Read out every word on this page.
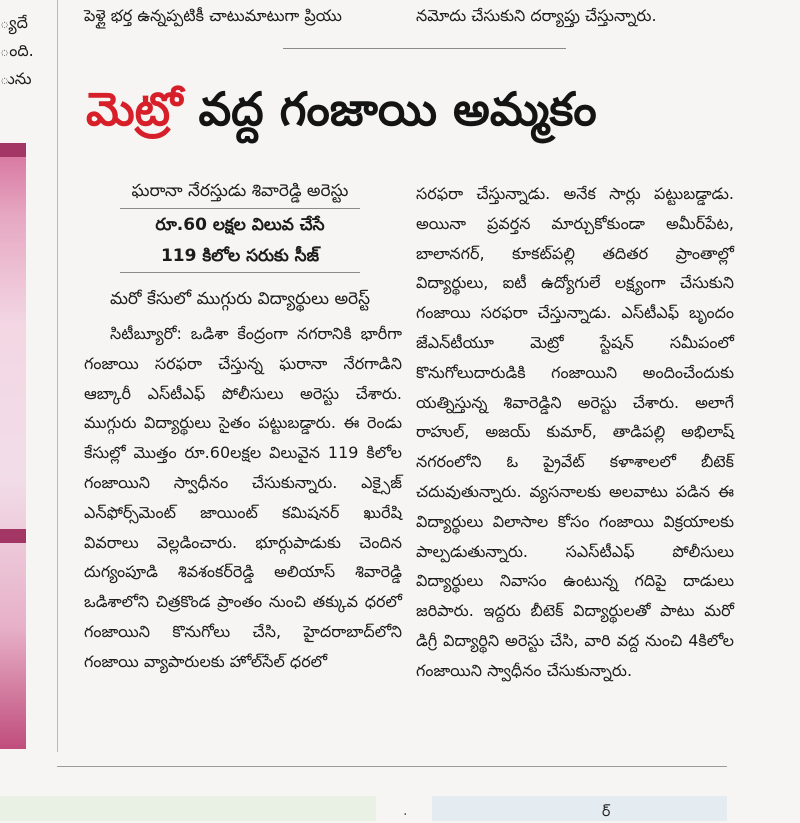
పెళ్లై భర్త ఉన్నప్పటికీ చాటుమాటుగా ప్రియు	నమోదు చేసుకుని దర్యాప్తు చేస్తున్నారు.
్యదే
ంది.
ును
మెట్రో వద్ద గంజాయి అమ్మకం
ఘరానా నేరస్తుడు శివారెడ్డి అరెస్టు
రూ.60 లక్షల విలువ చేసే
119 కిలోల సరుకు సీజ్
మరో కేసులో ముగ్గురు విద్యార్థులు అరెస్ట్

సిటీబ్యూరో: ఒడిశా కేంద్రంగా నగరానికి భారీగా గంజాయి సరఫరా చేస్తున్న ఘరానా నేరగాడిని ఆబ్కారీ ఎస్‌టీఎఫ్‌ పోలీసులు అరెస్టు చేశారు. ముగ్గురు విద్యార్థులు సైతం పట్టుబడ్డారు. ఈ రెండు కేసుల్లో మొత్తం రూ.60లక్షల విలువైన 119 కిలోల గంజాయిని స్వాధీనం చేసుకున్నారు. ఎక్సైజ్‌ ఎన్‌ఫోర్స్‌మెంట్‌ జాయింట్‌ కమిషనర్‌ ఖురేషి వివరాలు వెల్లడించారు. భూర్గుపాడుకు చెందిన దుగ్యంపూడి శివశంకర్‌రెడ్డి అలియాస్‌ శివారెడ్డి ఒడిశాలోని చిత్రకొండ ప్రాంతం నుంచి తక్కువ ధరలో గంజాయిని కొనుగోలు చేసి, హైదరాబాద్‌లోని గంజాయి వ్యాపారులకు హోల్‌సేల్‌ ధరలో

సరఫరా చేస్తున్నాడు. అనేక సార్లు పట్టుబడ్డాడు. అయినా ప్రవర్తన మార్చుకోకుండా అమీర్‌పేట, బాలానగర్‌, కూకట్‌పల్లి తదితర ప్రాంతాల్లో విద్యార్థులు, ఐటీ ఉద్యోగులే లక్ష్యంగా చేసుకుని గంజాయి సరఫరా చేస్తున్నాడు. ఎస్‌టీఎఫ్‌ బృందం జేఎన్‌టీయూ మెట్రో స్టేషన్‌ సమీపంలో కొనుగోలుదారుడికి గంజాయిని అందించేందుకు యత్నిస్తున్న శివారెడ్డిని అరెస్టు చేశారు. అలాగే రాహుల్‌, అజయ్‌ కుమార్‌, తాడిపల్లి అభిలాష్‌ నగరంలోని ఓ ప్రైవేట్‌ కళాశాలలో బీటెక్‌ చదువుతున్నారు. వ్యసనాలకు అలవాటు పడిన ఈ విద్యార్థులు విలాసాల కోసం గంజాయి విక్రయాలకు పాల్పడుతున్నారు. సఎస్‌టీఎఫ్‌ పోలీసులు విద్యార్థులు నివాసం ఉంటున్న గదిపై దాడులు జరిపారు. ఇద్దరు బీటెక్‌ విద్యార్థులతో పాటు మరో డిగ్రీ విద్యార్థిని అరెస్టు చేసి, వారి వద్ద నుంచి 4కిలోల గంజాయిని స్వాధీనం చేసుకున్నారు.

·	ర్
